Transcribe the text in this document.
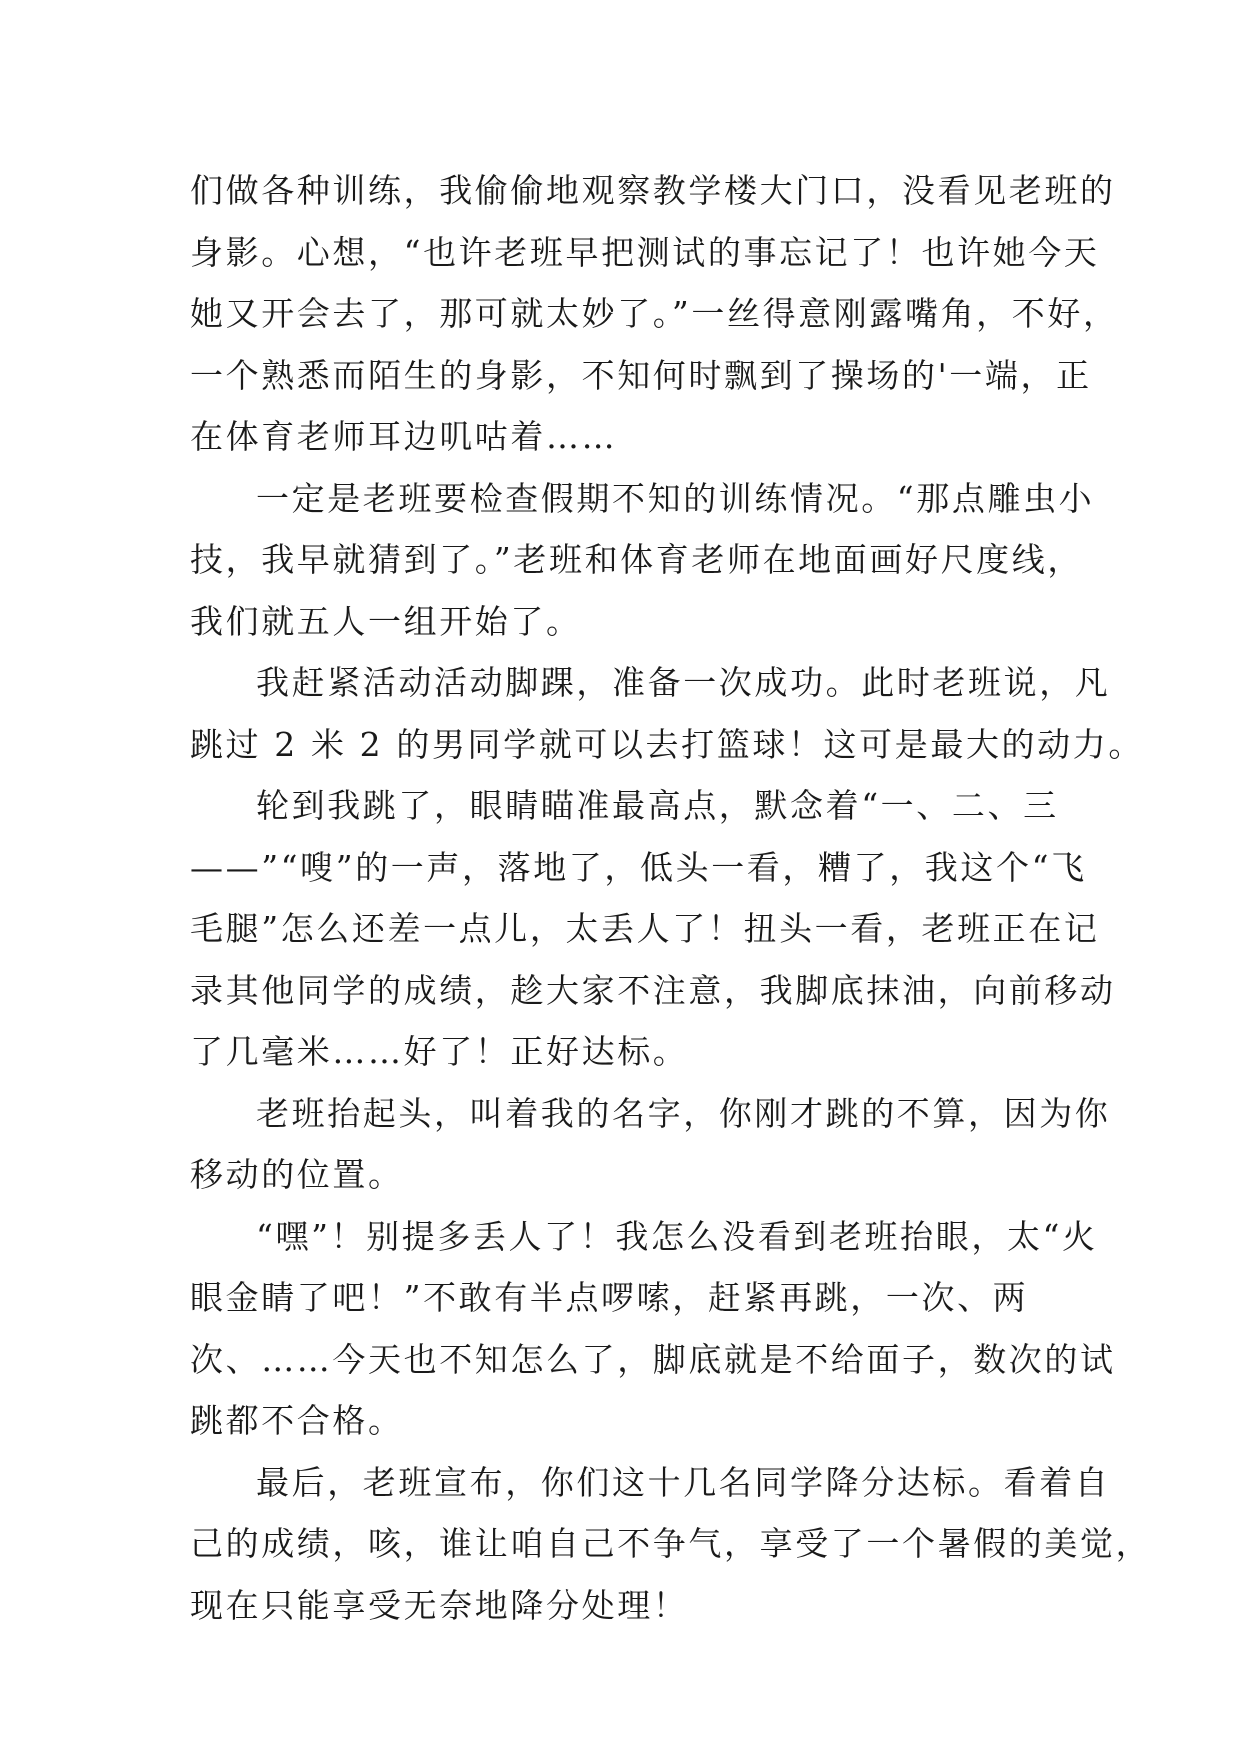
们做各种训练，我偷偷地观察教学楼大门口，没看见老班的
身影。心想，“也许老班早把测试的事忘记了！也许她今天
她又开会去了，那可就太妙了。”一丝得意刚露嘴角，不好，
一个熟悉而陌生的身影，不知何时飘到了操场的'一端，正
在体育老师耳边叽咕着……
一定是老班要检查假期不知的训练情况。“那点雕虫小
技，我早就猜到了。”老班和体育老师在地面画好尺度线，
我们就五人一组开始了。
我赶紧活动活动脚踝，准备一次成功。此时老班说，凡
跳过 2 米 2 的男同学就可以去打篮球！这可是最大的动力。
轮到我跳了，眼睛瞄准最高点，默念着“一、二、三
——”“嗖”的一声，落地了，低头一看，糟了，我这个“飞
毛腿”怎么还差一点儿，太丢人了！扭头一看，老班正在记
录其他同学的成绩，趁大家不注意，我脚底抹油，向前移动
了几毫米……好了！正好达标。
老班抬起头，叫着我的名字，你刚才跳的不算，因为你
移动的位置。
“嘿”！别提多丢人了！我怎么没看到老班抬眼，太“火
眼金睛了吧！”不敢有半点啰嗦，赶紧再跳，一次、两
次、……今天也不知怎么了，脚底就是不给面子，数次的试
跳都不合格。
最后，老班宣布，你们这十几名同学降分达标。看着自
己的成绩，咳，谁让咱自己不争气，享受了一个暑假的美觉，
现在只能享受无奈地降分处理！
